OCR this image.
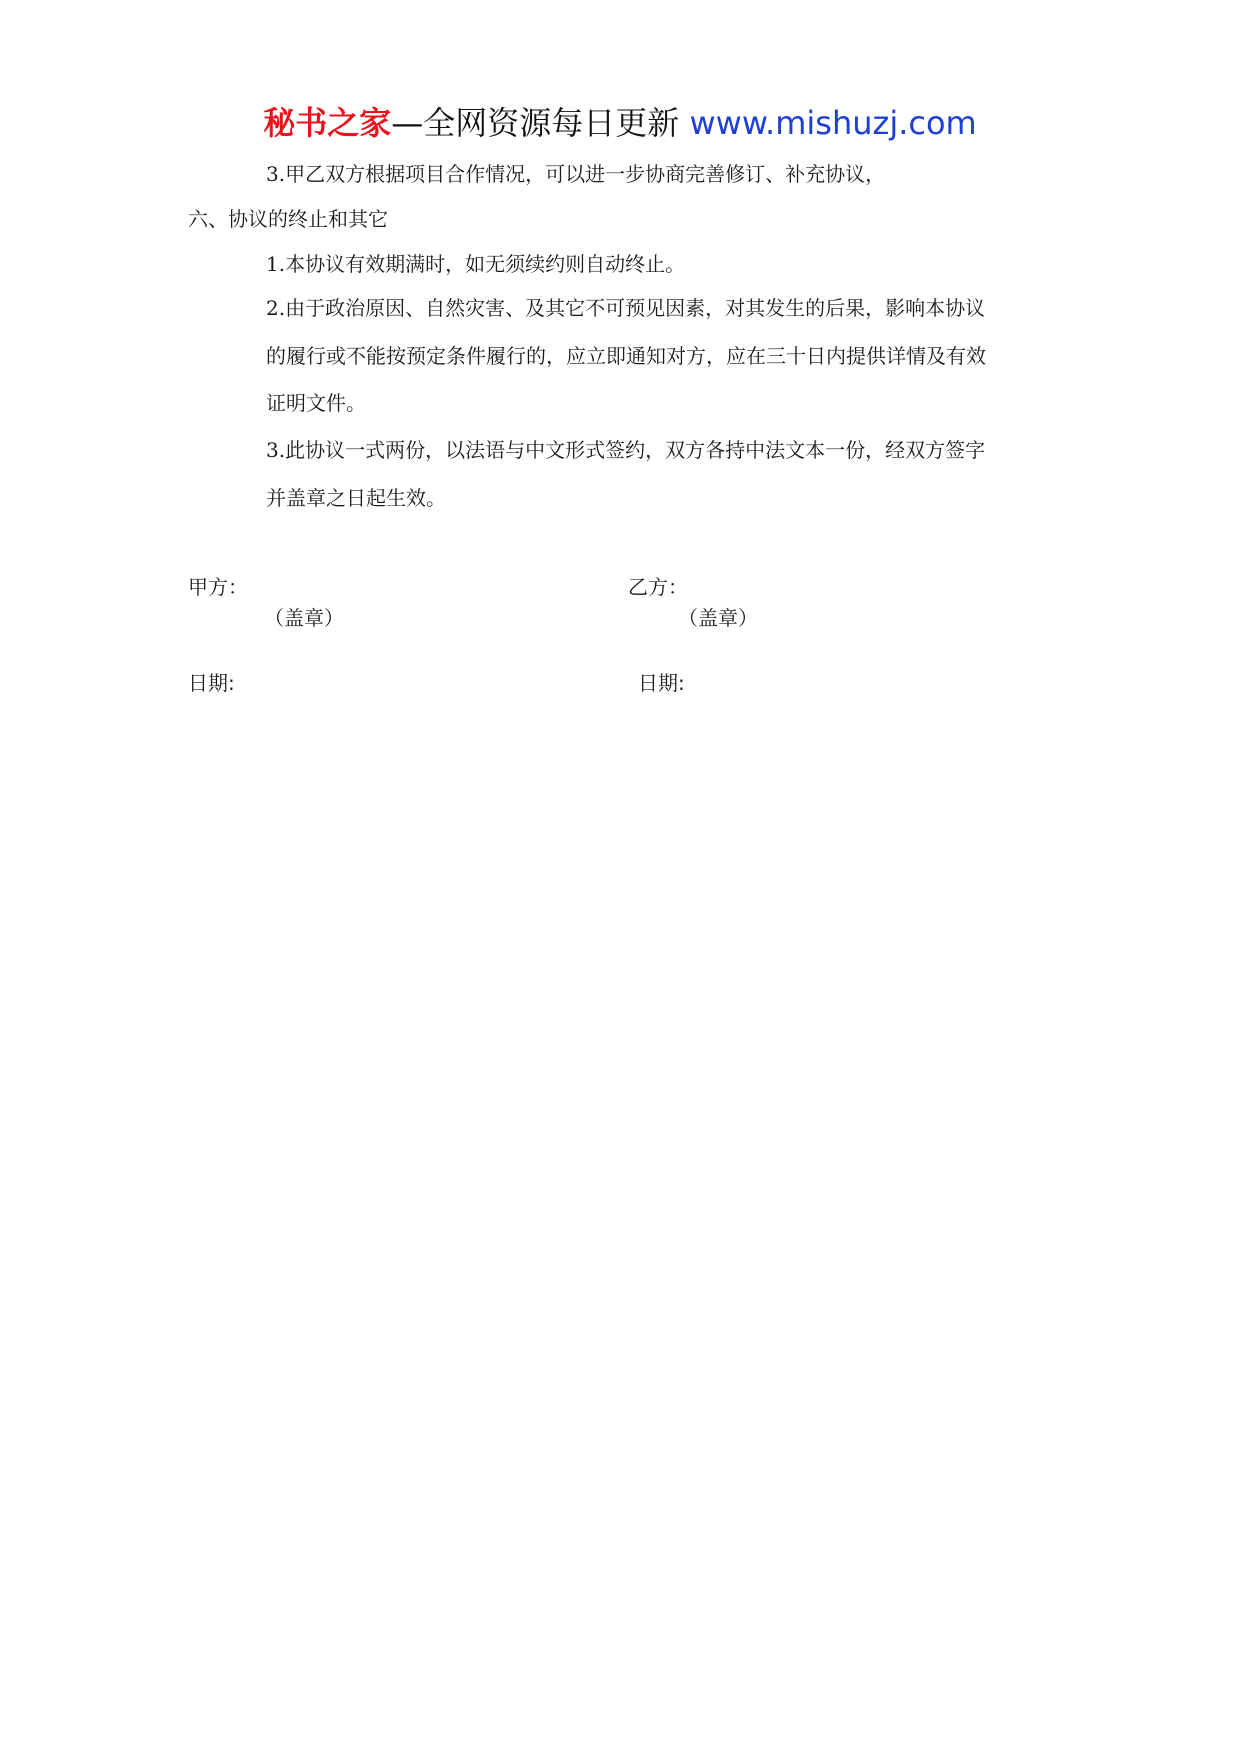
秘书之家—全网资源每日更新 www.mishuzj.com
3.甲乙双方根据项目合作情况，可以进一步协商完善修订、补充协议，
六、协议的终止和其它
1.本协议有效期满时，如无须续约则自动终止。
2.由于政治原因、自然灾害、及其它不可预见因素，对其发生的后果，影响本协议
的履行或不能按预定条件履行的，应立即通知对方，应在三十日内提供详情及有效
证明文件。
3.此协议一式两份，以法语与中文形式签约，双方各持中法文本一份，经双方签字
并盖章之日起生效。
甲方：	乙方：
（盖章）	（盖章）
日期:	日期:
